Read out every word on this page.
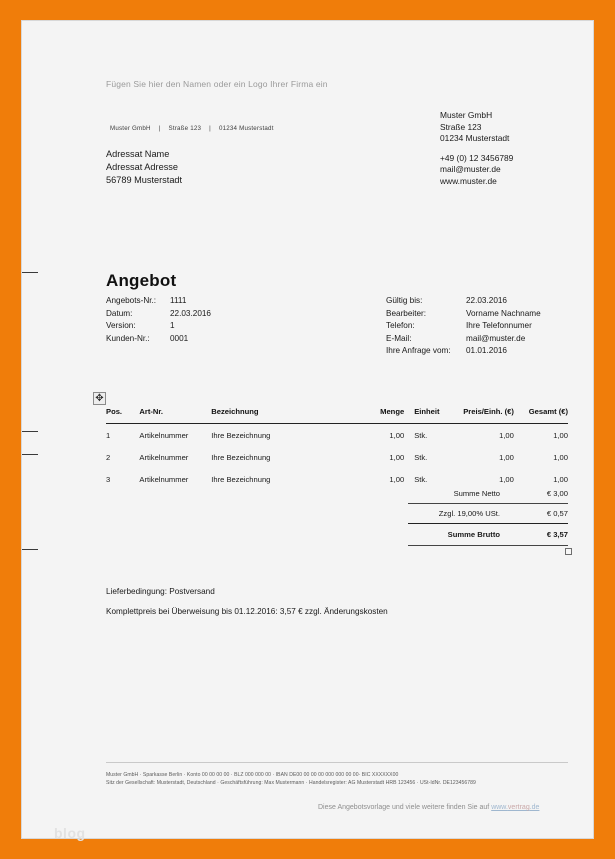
Fügen Sie hier den Namen oder ein Logo Ihrer Firma ein
Muster GmbH | Straße 123 | 01234 Musterstadt
Adressat Name
Adressat Adresse
56789 Musterstadt
Muster GmbH
Straße 123
01234 Musterstadt
+49 (0) 12 3456789
mail@muster.de
www.muster.de
Angebot
Angebots-Nr.: 1111
Datum:	22.03.2016
Version:	1
Kunden-Nr.: 0001
Gültig bis:	22.03.2016
Bearbeiter:	Vorname Nachname
Telefon:	Ihre Telefonnumer
E-Mail:	mail@muster.de
Ihre Anfrage vom: 01.01.2016
✥
Pos.	Art-Nr.	Bezeichnung	Menge	Einheit	Preis/Einh. (€)	Gesamt (€)
1	Artikelnummer	Ihre Bezeichnung	1,00	Stk.	1,00	1,00
2	Artikelnummer	Ihre Bezeichnung	1,00	Stk.	1,00	1,00
3	Artikelnummer	Ihre Bezeichnung	1,00	Stk.	1,00	1,00
Summe Netto	€ 3,00
Zzgl. 19,00% USt.	€ 0,57
Summe Brutto	€ 3,57
Lieferbedingung: Postversand
Komplettpreis bei Überweisung bis 01.12.2016: 3,57 € zzgl. Änderungskosten
Muster GmbH · Sparkasse Berlin · Konto 00 00 00 00 · BLZ 000 000 00 · IBAN DE00 00 00 00 000 000 00 00· BIC XXXXXX00
Sitz der Gesellschaft: Musterstadt, Deutschland · Geschäftsführung: Max Mustermann · Handelsregister: AG Musterstadt HRB 123456 · USt-IdNr. DE123456789
Diese Angebotsvorlage und viele weitere finden Sie auf www.vertrag.de
blog
